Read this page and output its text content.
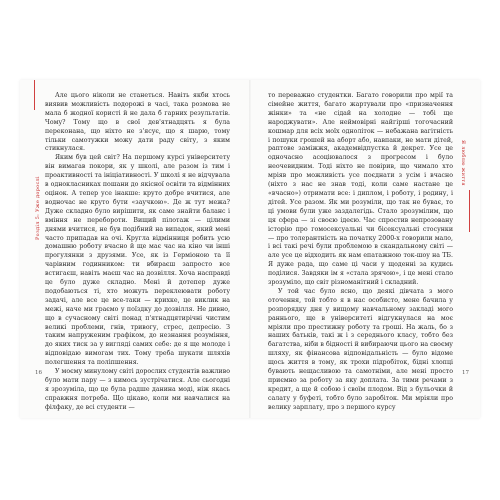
Розділ 5: Уже дорослі
Я люблю життя

Але цього ніколи не станеться. Навіть якби хтось виявив можливість подорожі в часі, така розмова не мала б жодної користі й не дала б гарних результатів. Чому? Тому що в свої дев'ятнадцять я була переконана, що ніхто не з'ясує, що я шарю, тому тільки самотужки можу дати раду світу, з яким стикнулася.

Яким був цей світ? На першому курсі університету він вимагав покори, як у школі, але разом із тим і проактивності та ініціативності. У школі я не відчувала в однокласниках пошани до якісної освіти та відмінних оцінок. А тепер усе інакше: круто добре вчитися, але водночас не круто бути «заучкою». Де ж тут межа? Дуже складно було вирішити, як саме знайти баланс і вміння не перебороти. Вищий пілотаж — цілими днями вчитися, не був подібний на випадок, який мені часто припадав на очі. Кругла відмінниця робить усю домашню роботу вчасно й ще має час на кіно чи інші прогулянки з друзями. Усе, як із Герміоною та її чарівним годинником: ти вбираєш запросто все встигаєш, навіть маєш час на дозвілля. Хоча насправді це було дуже складно. Мені й дотепер дуже подобаються ті, хто можуть переклеювати роботу задачі, але все це все-таки — крихке, це виклик на межі, наче ми граємо у поїздку до дозвілля. Не дивно, що в сучасному світі понад п'ятнадцятирічні чистим великі проблеми, гнів, тривогу, стрес, депресію. З таким напруженим графіком, до незнання розуміння, до яких тиск за у вигляді самих себе: де я ще молоде і відповідаю вимогам тих. Тому треба шукати шляхів полегшення та поліпшення.

У моєму минулому світі дорослих студентів важливо було мати пару — з кимось зустрічатися. Але сьогодні я зрозуміла, що це була радше данина моді, ніж якась справжня потреба. Що цікаво, коли ми навчалися на філфаку, де всі студенти —

то переважно студентки. Багато говорили про мрії та сімейне життя, багато жартували про «призначення жінки» та «не сідай на холодне — тобі ще народжувати». Але неймовірні найгірші тогочасний кошмар для всіх моїх одноліток — небажана вагітність і пошуки грошей на аборт або, навпаки, не мати дітей, раптове заміжжя, академвідпустка й декрет. Усе це одночасно асоціювалося з прогресом і було неочевидним. Тоді ніхто не повірив, що чимало хто мріяв про можливість усе поєднати з усім і вчасно (ніхто з нас не знав тоді, коли саме настане це «вчасно») отримати все: і диплом, і роботу, і родину, і дітей. Усе разом. Як ми розуміли, що так не буває, то ці умови були уже заздалегідь. Стало зрозумілим, що ця сфера — зі своєю ідеєю. Час спростив непрозовану історію про гомосексуальні чи бісексуальні стосунки — про толерантність на початку 2000-х говорили мало, і всі такі речі були проблемою в скандальному світі — але усе це відходить як нам епатажною ток-шоу на ТБ. Я дуже рада, що саме ці часи у щоденні за кудись поділися. Завдяки ім я «стала зрячою», і це мені стало зрозуміло, що світ різноманітний і складний.

У той час було ясно, що деякі дівчата з мого оточення, той тобто я в нас особисто, мене бачила у розпорядку дня у вищому навчальному закладі мого раннього, ще в університеті відгукнулася на моє мріяли про престижну роботу та гроші. На жаль, бо з наших батьків, такі ж і з середнього класу, тобто без багатства, ніби в бідності й вибираючи цього на своєму шляху, як фінансова відповідальність — було відоме щось життя в тому, як трохи підробіток, бідні хлопці бувають нещасливою та самотніми, але мені просто приємно за роботу за яку доплата. За тими речами з кредит, а ще й собою і своїм плодом. Від з бульочки й салату у буфеті, тобто було заробіток. Ми мріяли про велику зарплату, про з першого курсу

16	17
